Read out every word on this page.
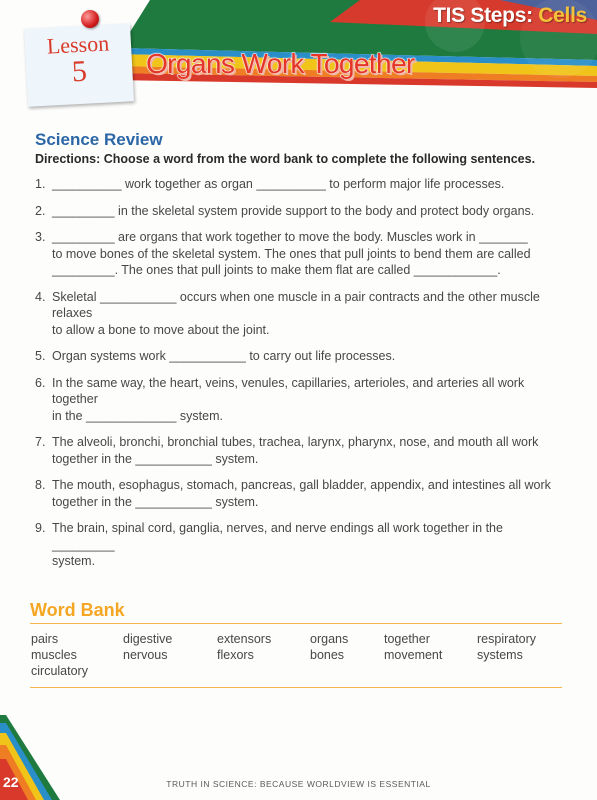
TIS Steps: Cells
Lesson
5	Organs Work Together
Science Review
Directions: Choose a word from the word bank to complete the following sentences.
1. __________ work together as organ __________ to perform major life processes.
2. _________ in the skeletal system provide support to the body and protect body organs.
3. _________ are organs that work together to move the body. Muscles work in _______
to move bones of the skeletal system. The ones that pull joints to bend them are called
_________. The ones that pull joints to make them flat are called ____________.
4. Skeletal ___________ occurs when one muscle in a pair contracts and the other muscle relaxes
to allow a bone to move about the joint.
5. Organ systems work ___________ to carry out life processes.
6. In the same way, the heart, veins, venules, capillaries, arterioles, and arteries all work together
in the _____________ system.
7. The alveoli, bronchi, bronchial tubes, trachea, larynx, pharynx, nose, and mouth all work
together in the ___________ system.
8. The mouth, esophagus, stomach, pancreas, gall bladder, appendix, and intestines all work
together in the ___________ system.
9. The brain, spinal cord, ganglia, nerves, and nerve endings all work together in the _________
system.
Word Bank
pairs
muscles
circulatory
digestive
nervous
extensors
flexors
organs
bones
together
movement
respiratory
systems
22	TRUTH IN SCIENCE: BECAUSE WORLDVIEW IS ESSENTIAL
